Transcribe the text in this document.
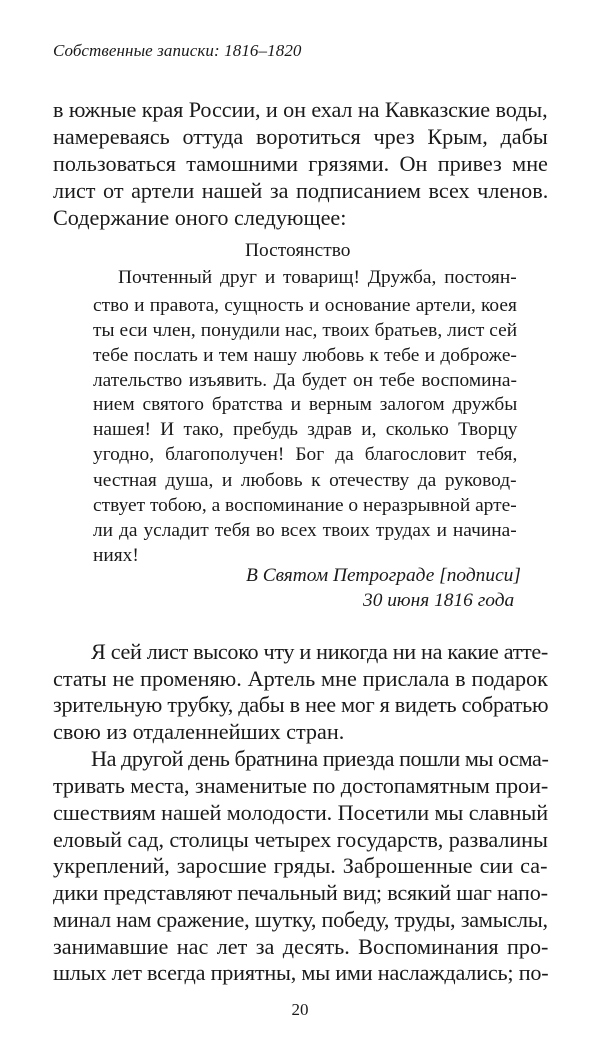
Собственные записки: 1816–1820
в южные края России, и он ехал на Кавказские воды,
намереваясь оттуда воротиться чрез Крым, дабы
пользоваться тамошними грязями. Он привез мне
лист от артели нашей за подписанием всех членов.
Содержание оного следующее:
Постоянство
Почтенный друг и товарищ! Дружба, постоян-
ство и правота, сущность и основание артели, коея
ты еси член, понудили нас, твоих братьев, лист сей
тебе послать и тем нашу любовь к тебе и доброже-
лательство изъявить. Да будет он тебе воспомина-
нием святого братства и верным залогом дружбы
нашея! И тако, пребудь здрав и, сколько Творцу
угодно, благополучен! Бог да благословит тебя,
честная душа, и любовь к отечеству да руковод-
ствует тобою, а воспоминание о неразрывной арте-
ли да усладит тебя во всех твоих трудах и начина-
ниях!
В Святом Петрограде [подписи]
30 июня 1816 года
Я сей лист высоко чту и никогда ни на какие атте-
статы не променяю. Артель мне прислала в подарок
зрительную трубку, дабы в нее мог я видеть собратью
свою из отдаленнейших стран.
На другой день братнина приезда пошли мы осма-
тривать места, знаменитые по достопамятным прои-
сшествиям нашей молодости. Посетили мы славный
еловый сад, столицы четырех государств, развалины
укреплений, заросшие гряды. Заброшенные сии са-
дики представляют печальный вид; всякий шаг напо-
минал нам сражение, шутку, победу, труды, замыслы,
занимавшие нас лет за десять. Воспоминания про-
шлых лет всегда приятны, мы ими наслаждались; по-
20
